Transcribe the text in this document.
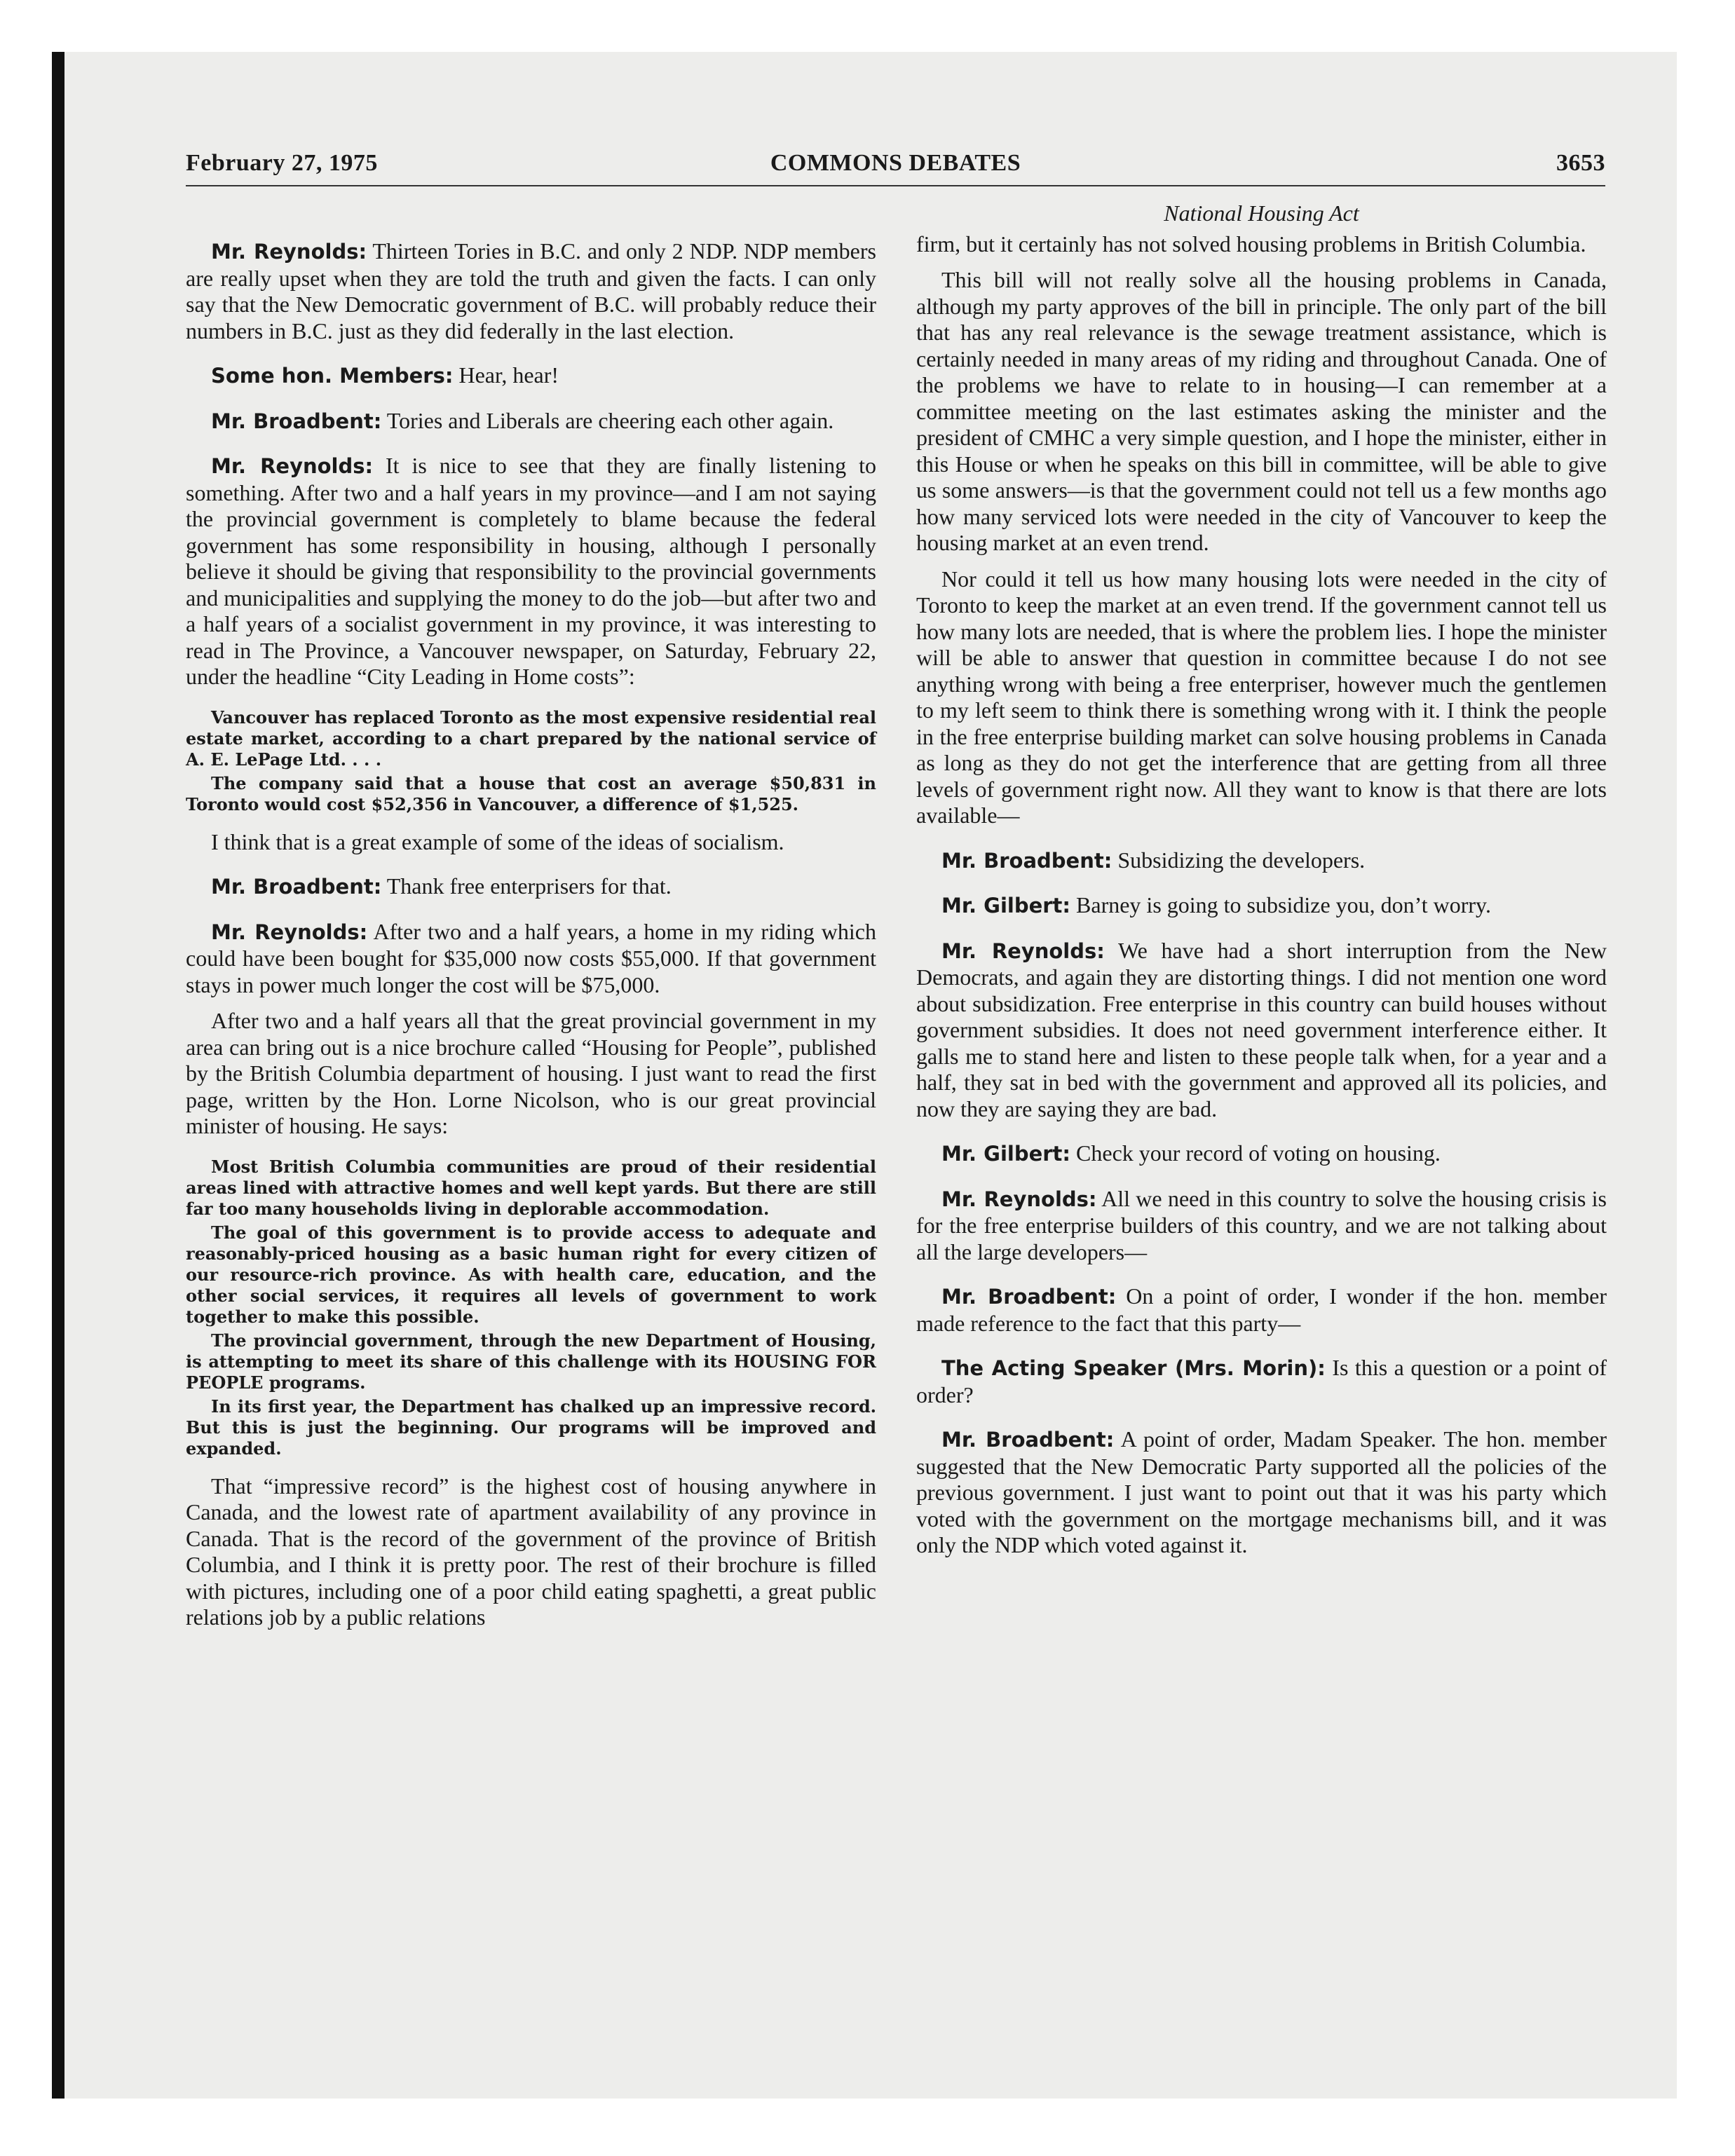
February 27, 1975	COMMONS DEBATES	3653

Mr. Reynolds: Thirteen Tories in B.C. and only 2 NDP. NDP members are really upset when they are told the truth and given the facts. I can only say that the New Democratic government of B.C. will probably reduce their numbers in B.C. just as they did federally in the last election.

Some hon. Members: Hear, hear!

Mr. Broadbent: Tories and Liberals are cheering each other again.

Mr. Reynolds: It is nice to see that they are finally listening to something. After two and a half years in my province—and I am not saying the provincial government is completely to blame because the federal government has some responsibility in housing, although I personally believe it should be giving that responsibility to the provincial governments and municipalities and supplying the money to do the job—but after two and a half years of a socialist government in my province, it was interesting to read in The Province, a Vancouver newspaper, on Saturday, February 22, under the headline “City Leading in Home costs”:

Vancouver has replaced Toronto as the most expensive residential real estate market, according to a chart prepared by the national service of A. E. LePage Ltd. . . .

The company said that a house that cost an average $50,831 in Toronto would cost $52,356 in Vancouver, a difference of $1,525.

I think that is a great example of some of the ideas of socialism.

Mr. Broadbent: Thank free enterprisers for that.

Mr. Reynolds: After two and a half years, a home in my riding which could have been bought for $35,000 now costs $55,000. If that government stays in power much longer the cost will be $75,000.

After two and a half years all that the great provincial government in my area can bring out is a nice brochure called “Housing for People”, published by the British Columbia department of housing. I just want to read the first page, written by the Hon. Lorne Nicolson, who is our great provincial minister of housing. He says:

Most British Columbia communities are proud of their residential areas lined with attractive homes and well kept yards. But there are still far too many households living in deplorable accommodation.

The goal of this government is to provide access to adequate and reasonably-priced housing as a basic human right for every citizen of our resource-rich province. As with health care, education, and the other social services, it requires all levels of government to work together to make this possible.

The provincial government, through the new Department of Housing, is attempting to meet its share of this challenge with its HOUSING FOR PEOPLE programs.

In its first year, the Department has chalked up an impressive record. But this is just the beginning. Our programs will be improved and expanded.

That “impressive record” is the highest cost of housing anywhere in Canada, and the lowest rate of apartment availability of any province in Canada. That is the record of the government of the province of British Columbia, and I think it is pretty poor. The rest of their brochure is filled with pictures, including one of a poor child eating spaghetti, a great public relations job by a public relations

National Housing Act

firm, but it certainly has not solved housing problems in British Columbia.

This bill will not really solve all the housing problems in Canada, although my party approves of the bill in principle. The only part of the bill that has any real relevance is the sewage treatment assistance, which is certainly needed in many areas of my riding and throughout Canada. One of the problems we have to relate to in housing—I can remember at a committee meeting on the last estimates asking the minister and the president of CMHC a very simple question, and I hope the minister, either in this House or when he speaks on this bill in committee, will be able to give us some answers—is that the government could not tell us a few months ago how many serviced lots were needed in the city of Vancouver to keep the housing market at an even trend.

Nor could it tell us how many housing lots were needed in the city of Toronto to keep the market at an even trend. If the government cannot tell us how many lots are needed, that is where the problem lies. I hope the minister will be able to answer that question in committee because I do not see anything wrong with being a free enterpriser, however much the gentlemen to my left seem to think there is something wrong with it. I think the people in the free enterprise building market can solve housing problems in Canada as long as they do not get the interference that are getting from all three levels of government right now. All they want to know is that there are lots available—

Mr. Broadbent: Subsidizing the developers.

Mr. Gilbert: Barney is going to subsidize you, don’t worry.

Mr. Reynolds: We have had a short interruption from the New Democrats, and again they are distorting things. I did not mention one word about subsidization. Free enterprise in this country can build houses without government subsidies. It does not need government interference either. It galls me to stand here and listen to these people talk when, for a year and a half, they sat in bed with the government and approved all its policies, and now they are saying they are bad.

Mr. Gilbert: Check your record of voting on housing.

Mr. Reynolds: All we need in this country to solve the housing crisis is for the free enterprise builders of this country, and we are not talking about all the large developers—

Mr. Broadbent: On a point of order, I wonder if the hon. member made reference to the fact that this party—

The Acting Speaker (Mrs. Morin): Is this a question or a point of order?

Mr. Broadbent: A point of order, Madam Speaker. The hon. member suggested that the New Democratic Party supported all the policies of the previous government. I just want to point out that it was his party which voted with the government on the mortgage mechanisms bill, and it was only the NDP which voted against it.
